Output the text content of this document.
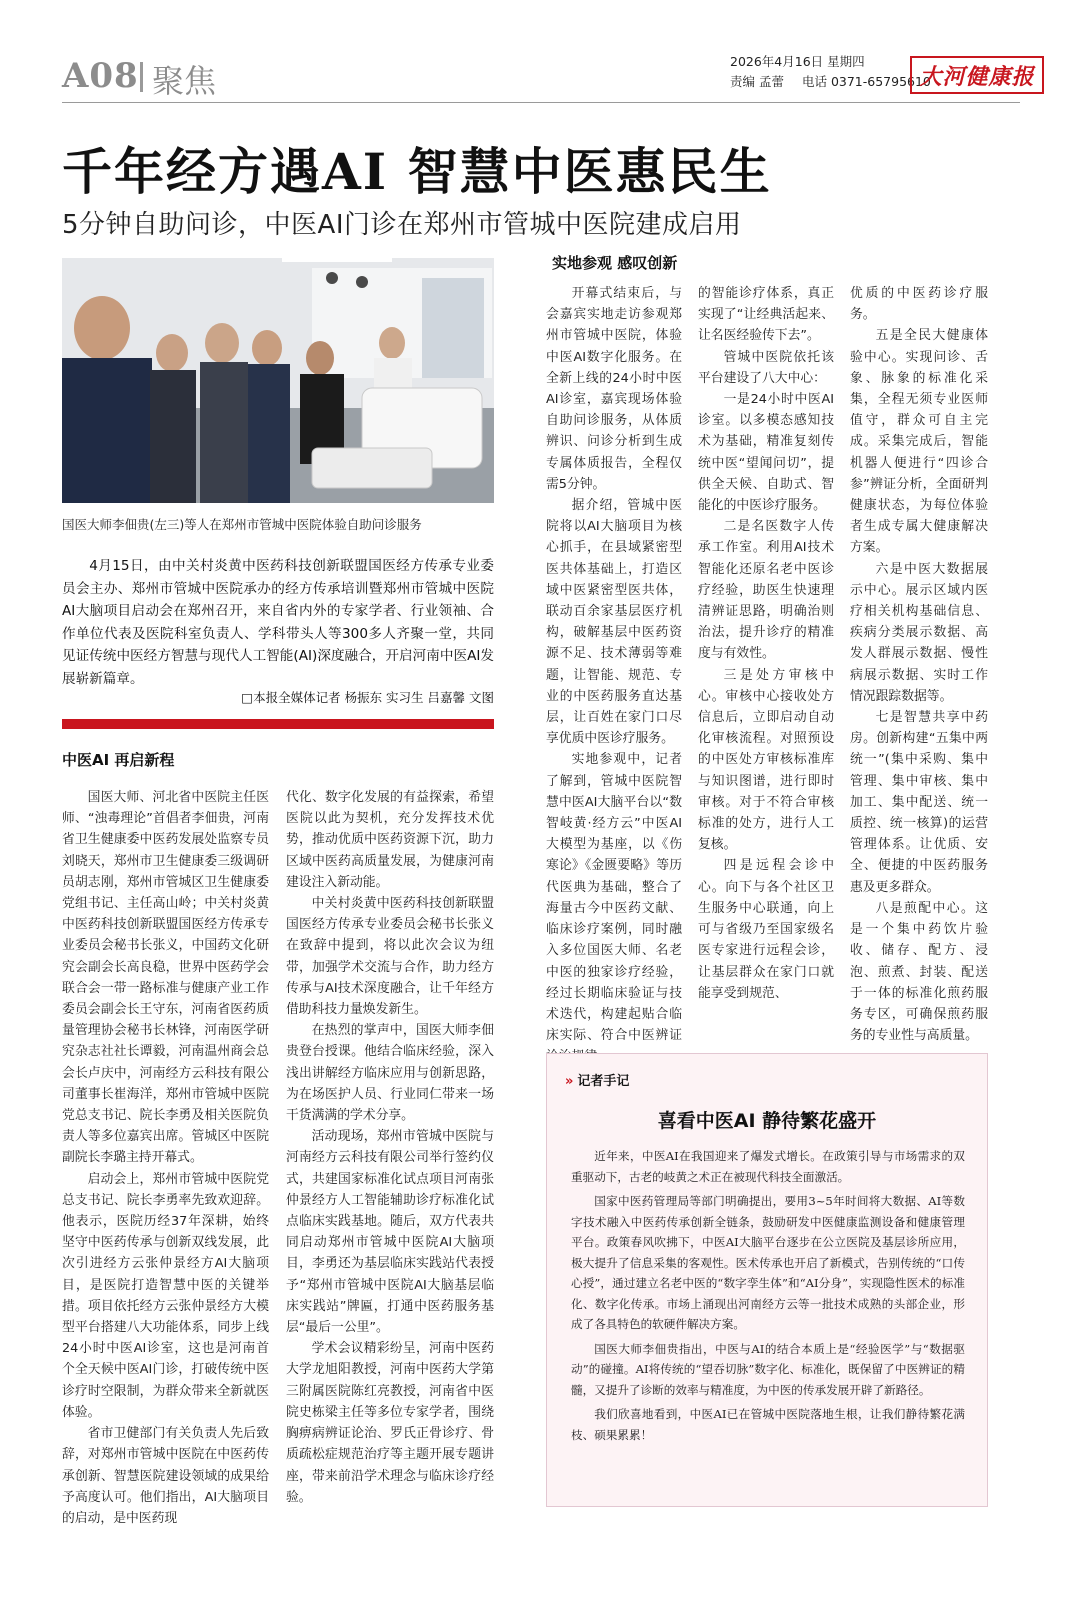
A08 聚焦
2026年4月16日 星期四
责编 孟蕾 电话 0371-65795610
大河健康报
千年经方遇AI 智慧中医惠民生
5分钟自助问诊，中医AI门诊在郑州市管城中医院建成启用
国医大师李佃贵(左三)等人在郑州市管城中医院体验自助问诊服务
4月15日，由中关村炎黄中医药科技创新联盟国医经方传承专业委员会主办、郑州市管城中医院承办的经方传承培训暨郑州市管城中医院AI大脑项目启动会在郑州召开，来自省内外的专家学者、行业领袖、合作单位代表及医院科室负责人、学科带头人等300多人齐聚一堂，共同见证传统中医经方智慧与现代人工智能(AI)深度融合，开启河南中医AI发展崭新篇章。
□本报全媒体记者 杨振东 实习生 吕嘉馨 文图
中医AI 再启新程
实地参观 感叹创新

国医大师、河北省中医院主任医师、“浊毒理论”首倡者李佃贵，河南省卫生健康委中医药发展处监察专员刘晓天，郑州市卫生健康委三级调研员胡志刚，郑州市管城区卫生健康委党组书记、主任高山岭；中关村炎黄中医药科技创新联盟国医经方传承专业委员会秘书长张义，中国药文化研究会副会长高良稳，世界中医药学会联合会一带一路标准与健康产业工作委员会副会长王守东，河南省医药质量管理协会秘书长林锋，河南医学研究杂志社社长谭毅，河南温州商会总会长卢庆中，河南经方云科技有限公司董事长崔海洋，郑州市管城中医院党总支书记、院长李勇及相关医院负责人等多位嘉宾出席。管城区中医院副院长李璐主持开幕式。

启动会上，郑州市管城中医院党总支书记、院长李勇率先致欢迎辞。他表示，医院历经37年深耕，始终坚守中医药传承与创新双线发展，此次引进经方云张仲景经方AI大脑项目，是医院打造智慧中医的关键举措。项目依托经方云张仲景经方大模型平台搭建八大功能体系，同步上线24小时中医AI诊室，这也是河南首个全天候中医AI门诊，打破传统中医诊疗时空限制，为群众带来全新就医体验。

省市卫健部门有关负责人先后致辞，对郑州市管城中医院在中医药传承创新、智慧医院建设领域的成果给予高度认可。他们指出，AI大脑项目的启动，是中医药现

代化、数字化发展的有益探索，希望医院以此为契机，充分发挥技术优势，推动优质中医药资源下沉，助力区域中医药高质量发展，为健康河南建设注入新动能。

中关村炎黄中医药科技创新联盟国医经方传承专业委员会秘书长张义在致辞中提到，将以此次会议为纽带，加强学术交流与合作，助力经方传承与AI技术深度融合，让千年经方借助科技力量焕发新生。

在热烈的掌声中，国医大师李佃贵登台授课。他结合临床经验，深入浅出讲解经方临床应用与创新思路，为在场医护人员、行业同仁带来一场干货满满的学术分享。

活动现场，郑州市管城中医院与河南经方云科技有限公司举行签约仪式，共建国家标准化试点项目河南张仲景经方人工智能辅助诊疗标准化试点临床实践基地。随后，双方代表共同启动郑州市管城中医院AI大脑项目，李勇还为基层临床实践站代表授予“郑州市管城中医院AI大脑基层临床实践站”牌匾，打通中医药服务基层“最后一公里”。

学术会议精彩纷呈，河南中医药大学龙旭阳教授，河南中医药大学第三附属医院陈红亮教授，河南省中医院史栋梁主任等多位专家学者，围绕胸痹病辨证论治、罗氏正骨诊疗、骨质疏松症规范治疗等主题开展专题讲座，带来前沿学术理念与临床诊疗经验。

开幕式结束后，与会嘉宾实地走访参观郑州市管城中医院，体验中医AI数字化服务。在全新上线的24小时中医AI诊室，嘉宾现场体验自助问诊服务，从体质辨识、问诊分析到生成专属体质报告，全程仅需5分钟。

据介绍，管城中医院将以AI大脑项目为核心抓手，在县域紧密型医共体基础上，打造区域中医紧密型医共体，联动百余家基层医疗机构，破解基层中医药资源不足、技术薄弱等难题，让智能、规范、专业的中医药服务直达基层，让百姓在家门口尽享优质中医诊疗服务。

实地参观中，记者了解到，管城中医院智慧中医AI大脑平台以“数智岐黄·经方云”中医AI大模型为基座，以《伤寒论》《金匮要略》等历代医典为基础，整合了海量古今中医药文献、临床诊疗案例，同时融入多位国医大师、名老中医的独家诊疗经验，经过长期临床验证与技术迭代，构建起贴合临床实际、符合中医辨证

的智能诊疗体系，真正实现了“让经典活起来、让名医经验传下去”。

管城中医院依托该平台建设了八大中心：

一是24小时中医AI诊室。以多模态感知技术为基础，精准复刻传统中医“望闻问切”，提供全天候、自助式、智能化的中医诊疗服务。

二是名医数字人传承工作室。利用AI技术智能化还原名老中医诊疗经验，助医生快速理清辨证思路，明确治则治法，提升诊疗的精准度与有效性。

三是处方审核中心。审核中心接收处方信息后，立即启动自动化审核流程。对照预设的中医处方审核标准库与知识图谱，进行即时审核。对于不符合审核标准的处方，进行人工复核。

四是远程会诊中心。向下与各个社区卫生服务中心联通，向上可与省级乃至国家级名医专家进行远程会诊，让基层群众在家门口就能享受到规范、

优质的中医药诊疗服务。

五是全民大健康体验中心。实现问诊、舌象、脉象的标准化采集，全程无须专业医师值守，群众可自主完成。采集完成后，智能机器人便进行“四诊合参”辨证分析，全面研判健康状态，为每位体验者生成专属大健康解决方案。

六是中医大数据展示中心。展示区域内医疗相关机构基础信息、疾病分类展示数据、高发人群展示数据、慢性病展示数据、实时工作情况跟踪数据等。

七是智慧共享中药房。创新构建“五集中两统一”(集中采购、集中管理、集中审核、集中加工、集中配送、统一质控、统一核算)的运营管理体系。让优质、安全、便捷的中医药服务惠及更多群众。

八是煎配中心。这是一个集中药饮片验收、储存、配方、浸泡、煎煮、封装、配送于一体的标准化煎药服务专区，可确保煎药服务的专业性与高质量。

» 记者手记
喜看中医AI 静待繁花盛开

近年来，中医AI在我国迎来了爆发式增长。在政策引导与市场需求的双重驱动下，古老的岐黄之术正在被现代科技全面激活。

国家中医药管理局等部门明确提出，要用3~5年时间将大数据、AI等数字技术融入中医药传承创新全链条，鼓励研发中医健康监测设备和健康管理平台。政策春风吹拂下，中医AI大脑平台逐步在公立医院及基层诊所应用，极大提升了信息采集的客观性。医术传承也开启了新模式，告别传统的“口传心授”，通过建立名老中医的“数字孪生体”和“AI分身”，实现隐性医术的标准化、数字化传承。市场上涌现出河南经方云等一批技术成熟的头部企业，形成了各具特色的软硬件解决方案。

国医大师李佃贵指出，中医与AI的结合本质上是“经验医学”与“数据驱动”的碰撞。AI将传统的“望吞切脉”数字化、标准化，既保留了中医辨证的精髓，又提升了诊断的效率与精准度，为中医的传承发展开辟了新路径。

我们欣喜地看到，中医AI已在管城中医院落地生根，让我们静待繁花满枝、硕果累累！
